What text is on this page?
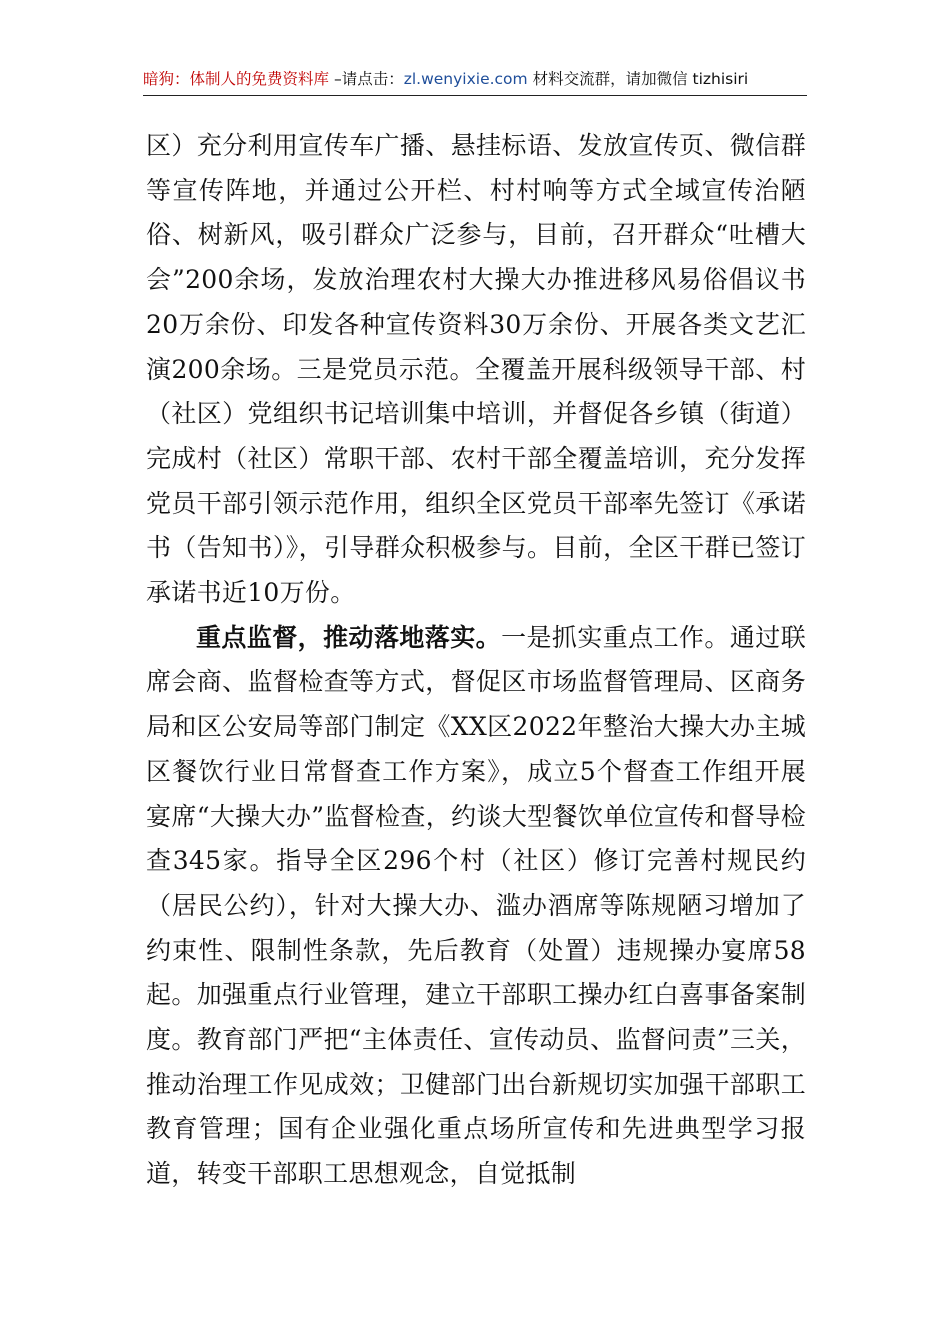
暗狗：体制人的免费资料库 –请点击：zl.wenyixie.com 材料交流群，请加微信 tizhisiri

区）充分利用宣传车广播、悬挂标语、发放宣传页、微信群等宣传阵地，并通过公开栏、村村响等方式全域宣传治陋俗、树新风，吸引群众广泛参与，目前，召开群众“吐槽大会”200余场，发放治理农村大操大办推进移风易俗倡议书20万余份、印发各种宣传资料30万余份、开展各类文艺汇演200余场。三是党员示范。全覆盖开展科级领导干部、村（社区）党组织书记培训集中培训，并督促各乡镇（街道）完成村（社区）常职干部、农村干部全覆盖培训，充分发挥党员干部引领示范作用，组织全区党员干部率先签订《承诺书（告知书）》，引导群众积极参与。目前，全区干群已签订承诺书近10万份。

重点监督，推动落地落实。一是抓实重点工作。通过联席会商、监督检查等方式，督促区市场监督管理局、区商务局和区公安局等部门制定《XX区2022年整治大操大办主城区餐饮行业日常督查工作方案》，成立5个督查工作组开展宴席“大操大办”监督检查，约谈大型餐饮单位宣传和督导检查345家。指导全区296个村（社区）修订完善村规民约（居民公约），针对大操大办、滥办酒席等陈规陋习增加了约束性、限制性条款，先后教育（处置）违规操办宴席58起。加强重点行业管理，建立干部职工操办红白喜事备案制度。教育部门严把“主体责任、宣传动员、监督问责”三关，推动治理工作见成效；卫健部门出台新规切实加强干部职工教育管理；国有企业强化重点场所宣传和先进典型学习报道，转变干部职工思想观念，自觉抵制
